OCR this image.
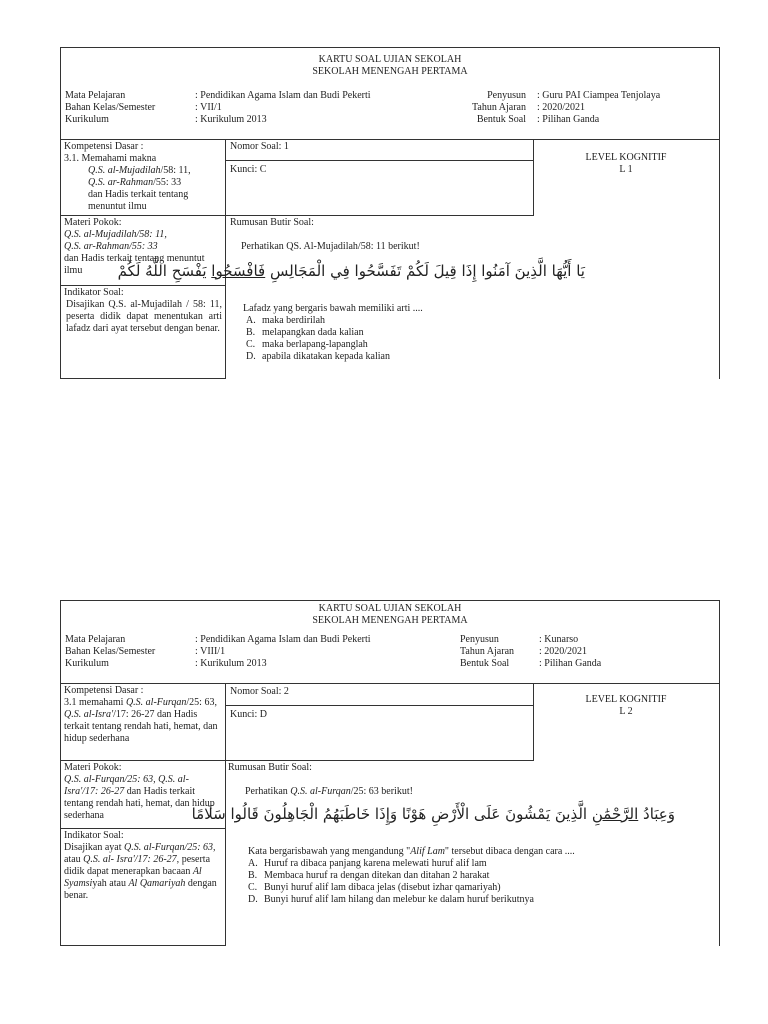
KARTU SOAL UJIAN SEKOLAH
SEKOLAH MENENGAH PERTAMA
Mata Pelajaran
Bahan Kelas/Semester
Kurikulum
: Pendidikan Agama Islam dan Budi Pekerti
: VII/1
: Kurikulum 2013
Penyusun
Tahun Ajaran
Bentuk Soal
: Guru PAI Ciampea Tenjolaya
: 2020/2021
: Pilihan Ganda
Kompetensi Dasar :
3.1. Memahami makna
Q.S. al-Mujadilah/58: 11,
Q.S. ar-Rahman/55: 33
dan Hadis terkait tentang menuntut ilmu
Materi Pokok:
Q.S. al-Mujadilah/58: 11,
Q.S. ar-Rahman/55: 33
dan Hadis terkait tentang menuntut ilmu
Indikator Soal:
Disajikan Q.S. al-Mujadilah / 58: 11, peserta didik dapat menentukan arti lafadz dari ayat tersebut dengan benar.
Nomor Soal: 1
Kunci: C
LEVEL KOGNITIF
L 1
Rumusan Butir Soal:
Perhatikan QS. Al-Mujadilah/58: 11 berikut!
يَا أَيُّهَا الَّذِينَ آمَنُوا إِذَا قِيلَ لَكُمْ تَفَسَّحُوا فِي الْمَجَالِسِ فَافْسَحُوا يَفْسَحِ اللَّهُ لَكُمْ
Lafadz yang bergaris bawah memiliki arti ....
A. maka berdirilah
B. melapangkan dada kalian
C. maka berlapang-lapanglah
D. apabila dikatakan kepada kalian
KARTU SOAL UJIAN SEKOLAH
SEKOLAH MENENGAH PERTAMA
Mata Pelajaran
Bahan Kelas/Semester
Kurikulum
: Pendidikan Agama Islam dan Budi Pekerti
: VIII/1
: Kurikulum 2013
Penyusun
Tahun Ajaran
Bentuk Soal
: Kunarso
: 2020/2021
: Pilihan Ganda
Kompetensi Dasar :
3.1 memahami Q.S. al-Furqan/25: 63, Q.S. al-Isra'/17: 26-27 dan Hadis terkait tentang rendah hati, hemat, dan hidup sederhana
Materi Pokok:
Q.S. al-Furqan/25: 63, Q.S. al- Isra'/17: 26-27 dan Hadis terkait tentang rendah hati, hemat, dan hidup sederhana
Indikator Soal:
Disajikan ayat Q.S. al-Furqan/25: 63, atau Q.S. al- Isra'/17: 26-27, peserta didik dapat menerapkan bacaan Al Syamsiyah atau Al Qamariyah dengan benar.
Nomor Soal: 2
Kunci: D
LEVEL KOGNITIF
L 2
Rumusan Butir Soal:
Perhatikan Q.S. al-Furqan/25: 63 berikut!
وَعِبَادُ الرَّحْمَٰنِ الَّذِينَ يَمْشُونَ عَلَى الْأَرْضِ هَوْنًا وَإِذَا خَاطَبَهُمُ الْجَاهِلُونَ قَالُوا سَلَامًا
Kata bergarisbawah yang mengandung "Alif Lam" tersebut dibaca dengan cara ....
A. Huruf ra dibaca panjang karena melewati huruf alif lam
B. Membaca huruf ra dengan ditekan dan ditahan 2 harakat
C. Bunyi huruf alif lam dibaca jelas (disebut izhar qamariyah)
D. Bunyi huruf alif lam hilang dan melebur ke dalam huruf berikutnya
